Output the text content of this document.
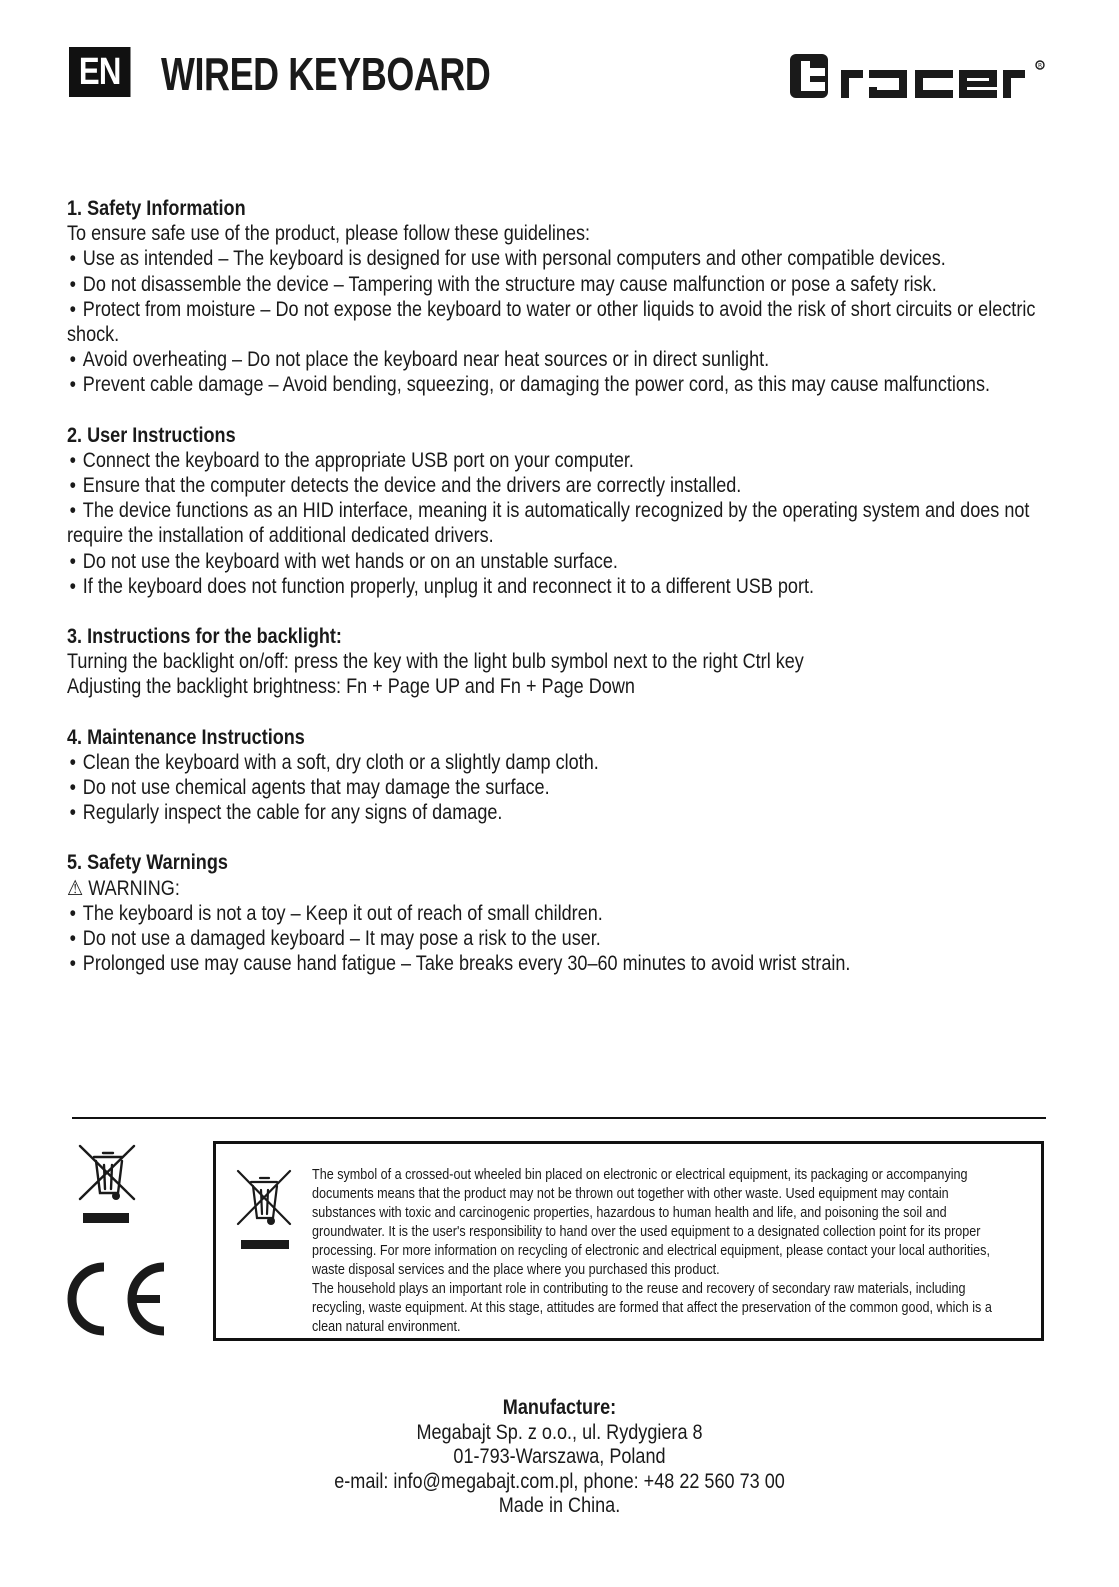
EN WIRED KEYBOARD	R

1. Safety Information

To ensure safe use of the product, please follow these guidelines:

• Use as intended – The keyboard is designed for use with personal computers and other compatible devices.

• Do not disassemble the device – Tampering with the structure may cause malfunction or pose a safety risk.

• Protect from moisture – Do not expose the keyboard to water or other liquids to avoid the risk of short circuits or electric shock.

• Avoid overheating – Do not place the keyboard near heat sources or in direct sunlight.

• Prevent cable damage – Avoid bending, squeezing, or damaging the power cord, as this may cause malfunctions.

2. User Instructions

• Connect the keyboard to the appropriate USB port on your computer.

• Ensure that the computer detects the device and the drivers are correctly installed.

• The device functions as an HID interface, meaning it is automatically recognized by the operating system and does not require the installation of additional dedicated drivers.

• Do not use the keyboard with wet hands or on an unstable surface.

• If the keyboard does not function properly, unplug it and reconnect it to a different USB port.

3. Instructions for the backlight:

Turning the backlight on/off: press the key with the light bulb symbol next to the right Ctrl key

Adjusting the backlight brightness: Fn + Page UP and Fn + Page Down

4. Maintenance Instructions

• Clean the keyboard with a soft, dry cloth or a slightly damp cloth.

• Do not use chemical agents that may damage the surface.

• Regularly inspect the cable for any signs of damage.

5. Safety Warnings

⚠ WARNING:

• The keyboard is not a toy – Keep it out of reach of small children.

• Do not use a damaged keyboard – It may pose a risk to the user.

• Prolonged use may cause hand fatigue – Take breaks every 30–60 minutes to avoid wrist strain.

The symbol of a crossed-out wheeled bin placed on electronic or electrical equipment, its packaging or accompanying documents means that the product may not be thrown out together with other waste. Used equipment may contain substances with toxic and carcinogenic properties, hazardous to human health and life, and poisoning the soil and groundwater. It is the user's responsibility to hand over the used equipment to a designated collection point for its proper processing. For more information on recycling of electronic and electrical equipment, please contact your local authorities, waste disposal services and the place where you purchased this product.

The household plays an important role in contributing to the reuse and recovery of secondary raw materials, including recycling, waste equipment. At this stage, attitudes are formed that affect the preservation of the common good, which is a clean natural environment.

Manufacture:

Megabajt Sp. z o.o., ul. Rydygiera 8

01-793-Warszawa, Poland

e-mail: info@megabajt.com.pl, phone: +48 22 560 73 00

Made in China.
